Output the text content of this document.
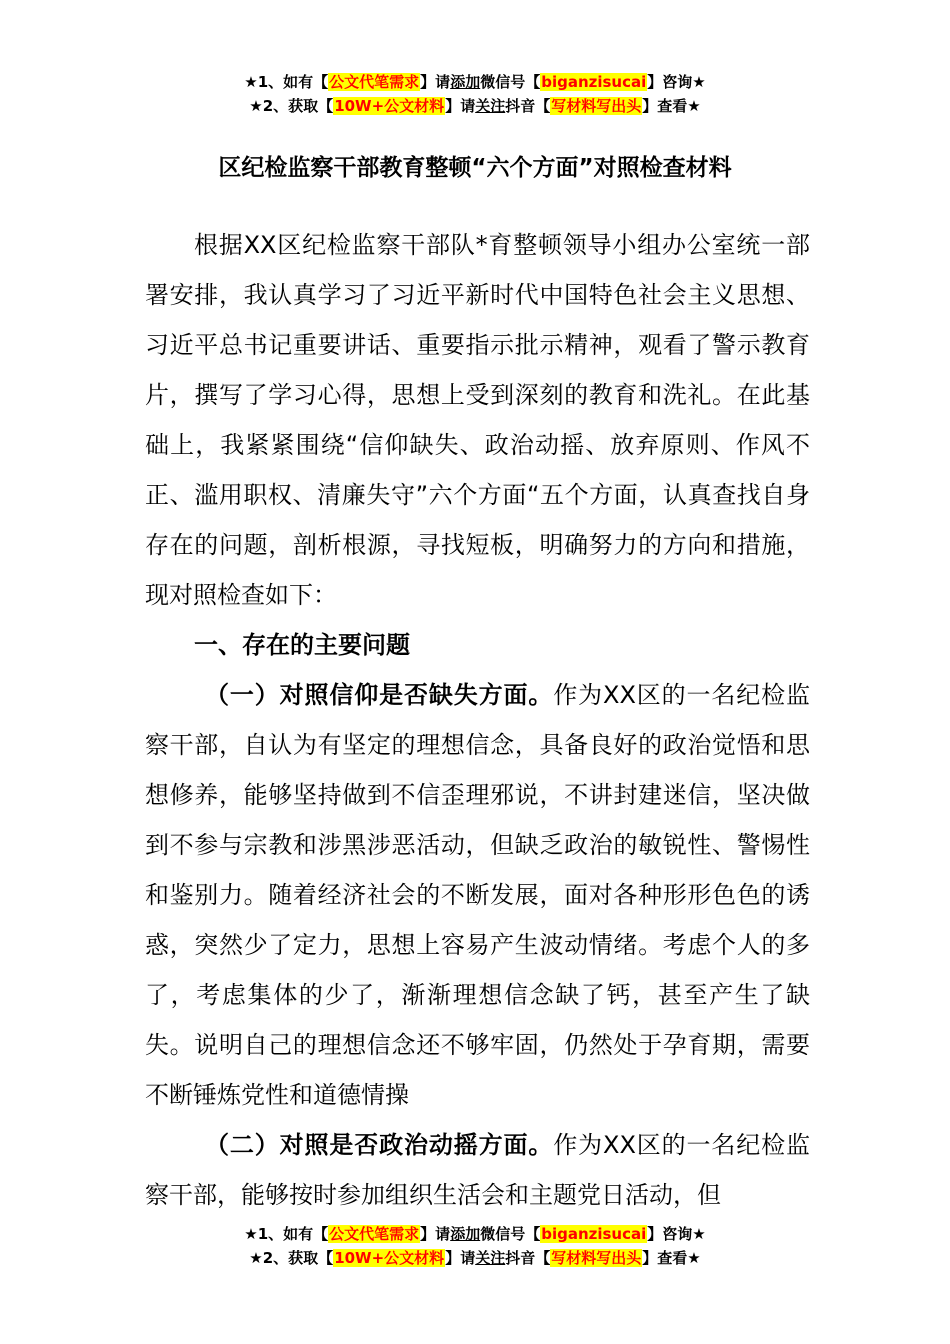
★1、如有【公文代笔需求】请添加微信号【biganzisucai】咨询★
★2、获取【10W+公文材料】请关注抖音【写材料写出头】查看★
区纪检监察干部教育整顿“六个方面”对照检查材料

根据XX区纪检监察干部队*育整顿领导小组办公室统一部署安排，我认真学习了习近平新时代中国特色社会主义思想、习近平总书记重要讲话、重要指示批示精神，观看了警示教育片，撰写了学习心得，思想上受到深刻的教育和洗礼。在此基础上，我紧紧围绕“信仰缺失、政治动摇、放弃原则、作风不正、滥用职权、清廉失守”六个方面“五个方面，认真查找自身存在的问题，剖析根源，寻找短板，明确努力的方向和措施，现对照检查如下：

一、存在的主要问题

（一）对照信仰是否缺失方面。作为XX区的一名纪检监察干部，自认为有坚定的理想信念，具备良好的政治觉悟和思想修养，能够坚持做到不信歪理邪说，不讲封建迷信，坚决做到不参与宗教和涉黑涉恶活动，但缺乏政治的敏锐性、警惕性和鉴别力。随着经济社会的不断发展，面对各种形形色色的诱惑，突然少了定力，思想上容易产生波动情绪。考虑个人的多了，考虑集体的少了，渐渐理想信念缺了钙，甚至产生了缺失。说明自己的理想信念还不够牢固，仍然处于孕育期，需要不断锤炼党性和道德情操

（二）对照是否政治动摇方面。作为XX区的一名纪检监察干部，能够按时参加组织生活会和主题党日活动，但

★1、如有【公文代笔需求】请添加微信号【biganzisucai】咨询★
★2、获取【10W+公文材料】请关注抖音【写材料写出头】查看★
